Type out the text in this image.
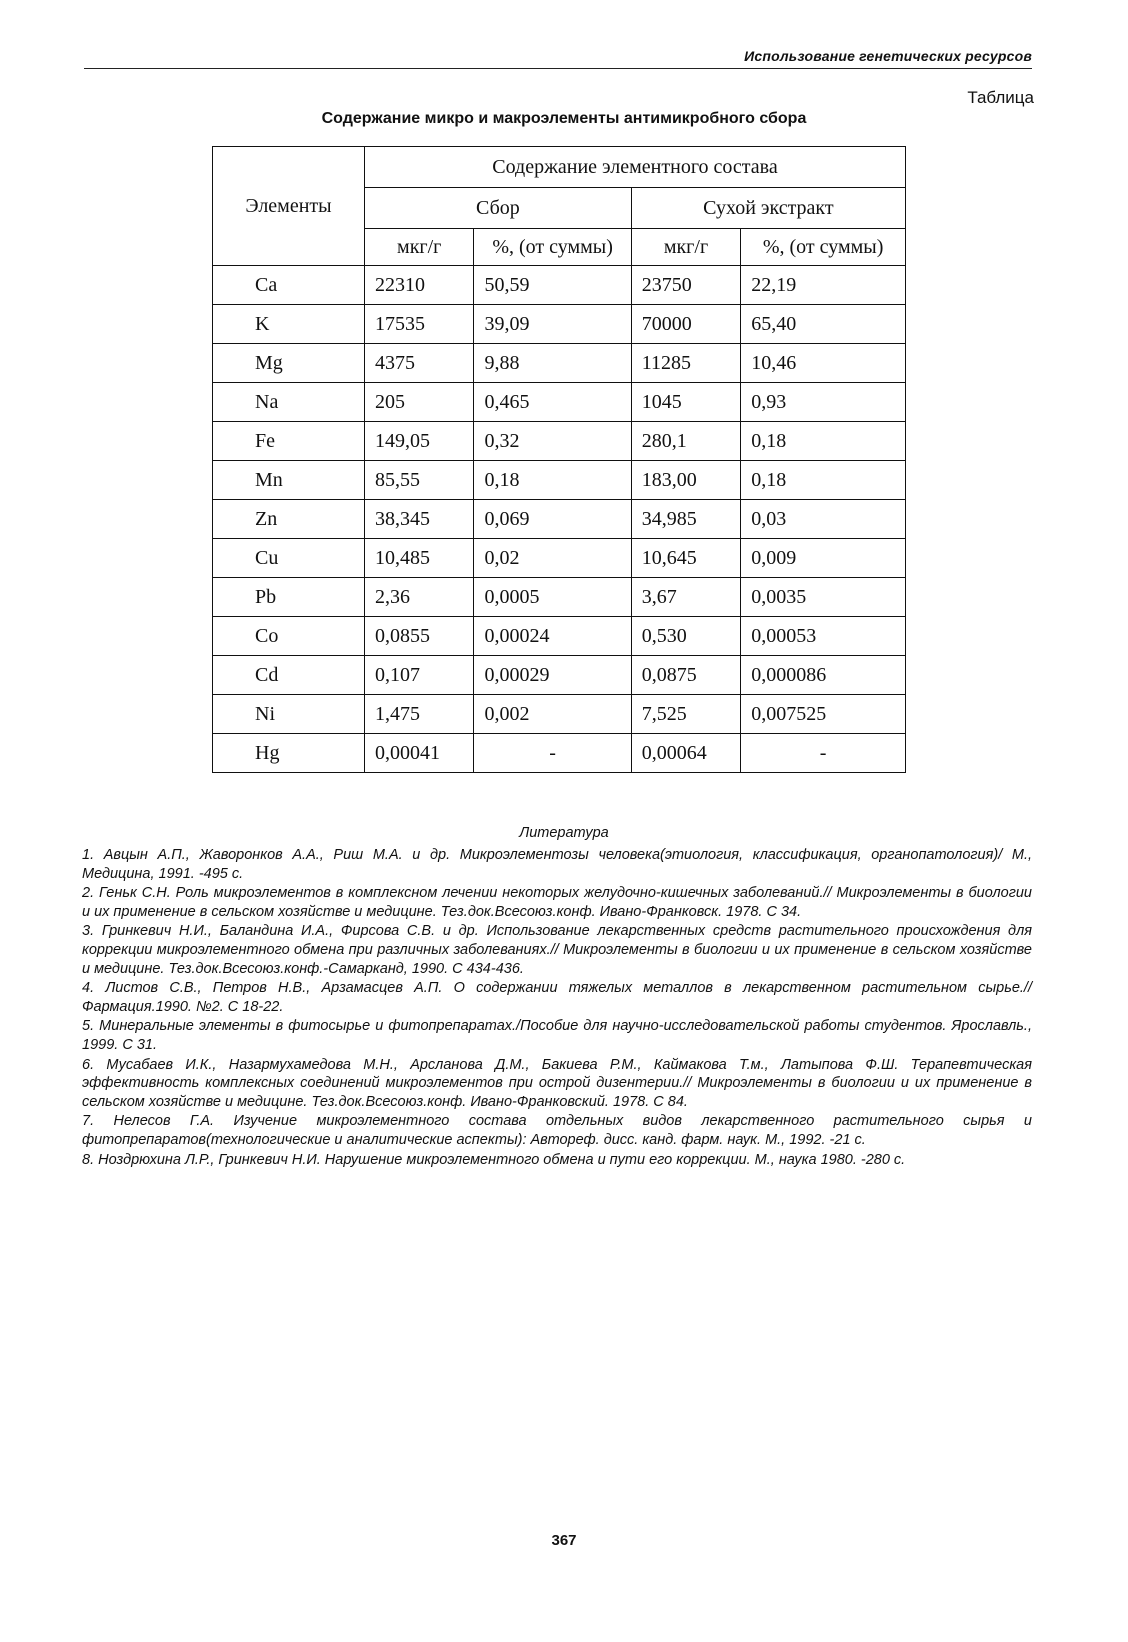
Использование генетических ресурсов
Таблица
Содержание микро и макроэлементы антимикробного сбора
Элементы	Содержание элементного состава			
	Сбор		Сухой экстракт	
	мкг/г	%, (от суммы)	мкг/г	%, (от суммы)
Ca	22310	50,59	23750	22,19
K	17535	39,09	70000	65,40
Mg	4375	9,88	11285	10,46
Na	205	0,465	1045	0,93
Fe	149,05	0,32	280,1	0,18
Mn	85,55	0,18	183,00	0,18
Zn	38,345	0,069	34,985	0,03
Cu	10,485	0,02	10,645	0,009
Pb	2,36	0,0005	3,67	0,0035
Co	0,0855	0,00024	0,530	0,00053
Cd	0,107	0,00029	0,0875	0,000086
Ni	1,475	0,002	7,525	0,007525
Hg	0,00041	-	0,00064	-
Литература

1. Авцын А.П., Жаворонков А.А., Риш М.А. и др. Микроэлементозы человека(этиология, классификация, органопатология)/ М., Медицина, 1991. -495 с.

2. Геньк С.Н. Роль микроэлементов в комплексном лечении некоторых желудочно-кишечных заболеваний.// Микроэлементы в биологии и их применение в сельском хозяйстве и медицине. Тез.док.Всесоюз.конф. Ивано-Франковск. 1978. С 34.

3. Гринкевич Н.И., Баландина И.А., Фирсова С.В. и др. Использование лекарственных средств растительного происхождения для коррекции микроэлементного обмена при различных заболеваниях.// Микроэлементы в биологии и их применение в сельском хозяйстве и медицине. Тез.док.Всесоюз.конф.-Самарканд, 1990. С 434-436.

4. Листов С.В., Петров Н.В., Арзамасцев А.П. О содержании тяжелых металлов в лекарственном растительном сырье.//Фармация.1990. №2. С 18-22.

5. Минеральные элементы в фитосырье и фитопрепаратах./Пособие для научно-исследовательской работы студентов. Ярославль., 1999. С 31.

6. Мусабаев И.К., Назармухамедова М.Н., Арсланова Д.М., Бакиева Р.М., Каймакова Т.м., Латыпова Ф.Ш. Терапевтическая эффективность комплексных соединений микроэлементов при острой дизентерии.// Микроэлементы в биологии и их применение в сельском хозяйстве и медицине. Тез.док.Всесоюз.конф. Ивано-Франковский. 1978. С 84.

7. Нелесов Г.А. Изучение микроэлементного состава отдельных видов лекарственного растительного сырья и фитопрепаратов(технологические и аналитические аспекты): Автореф. дисс. канд. фарм. наук. М., 1992. -21 с.

8. Ноздрюхина Л.Р., Гринкевич Н.И. Нарушение микроэлементного обмена и пути его коррекции. М., наука 1980. -280 с.

367
